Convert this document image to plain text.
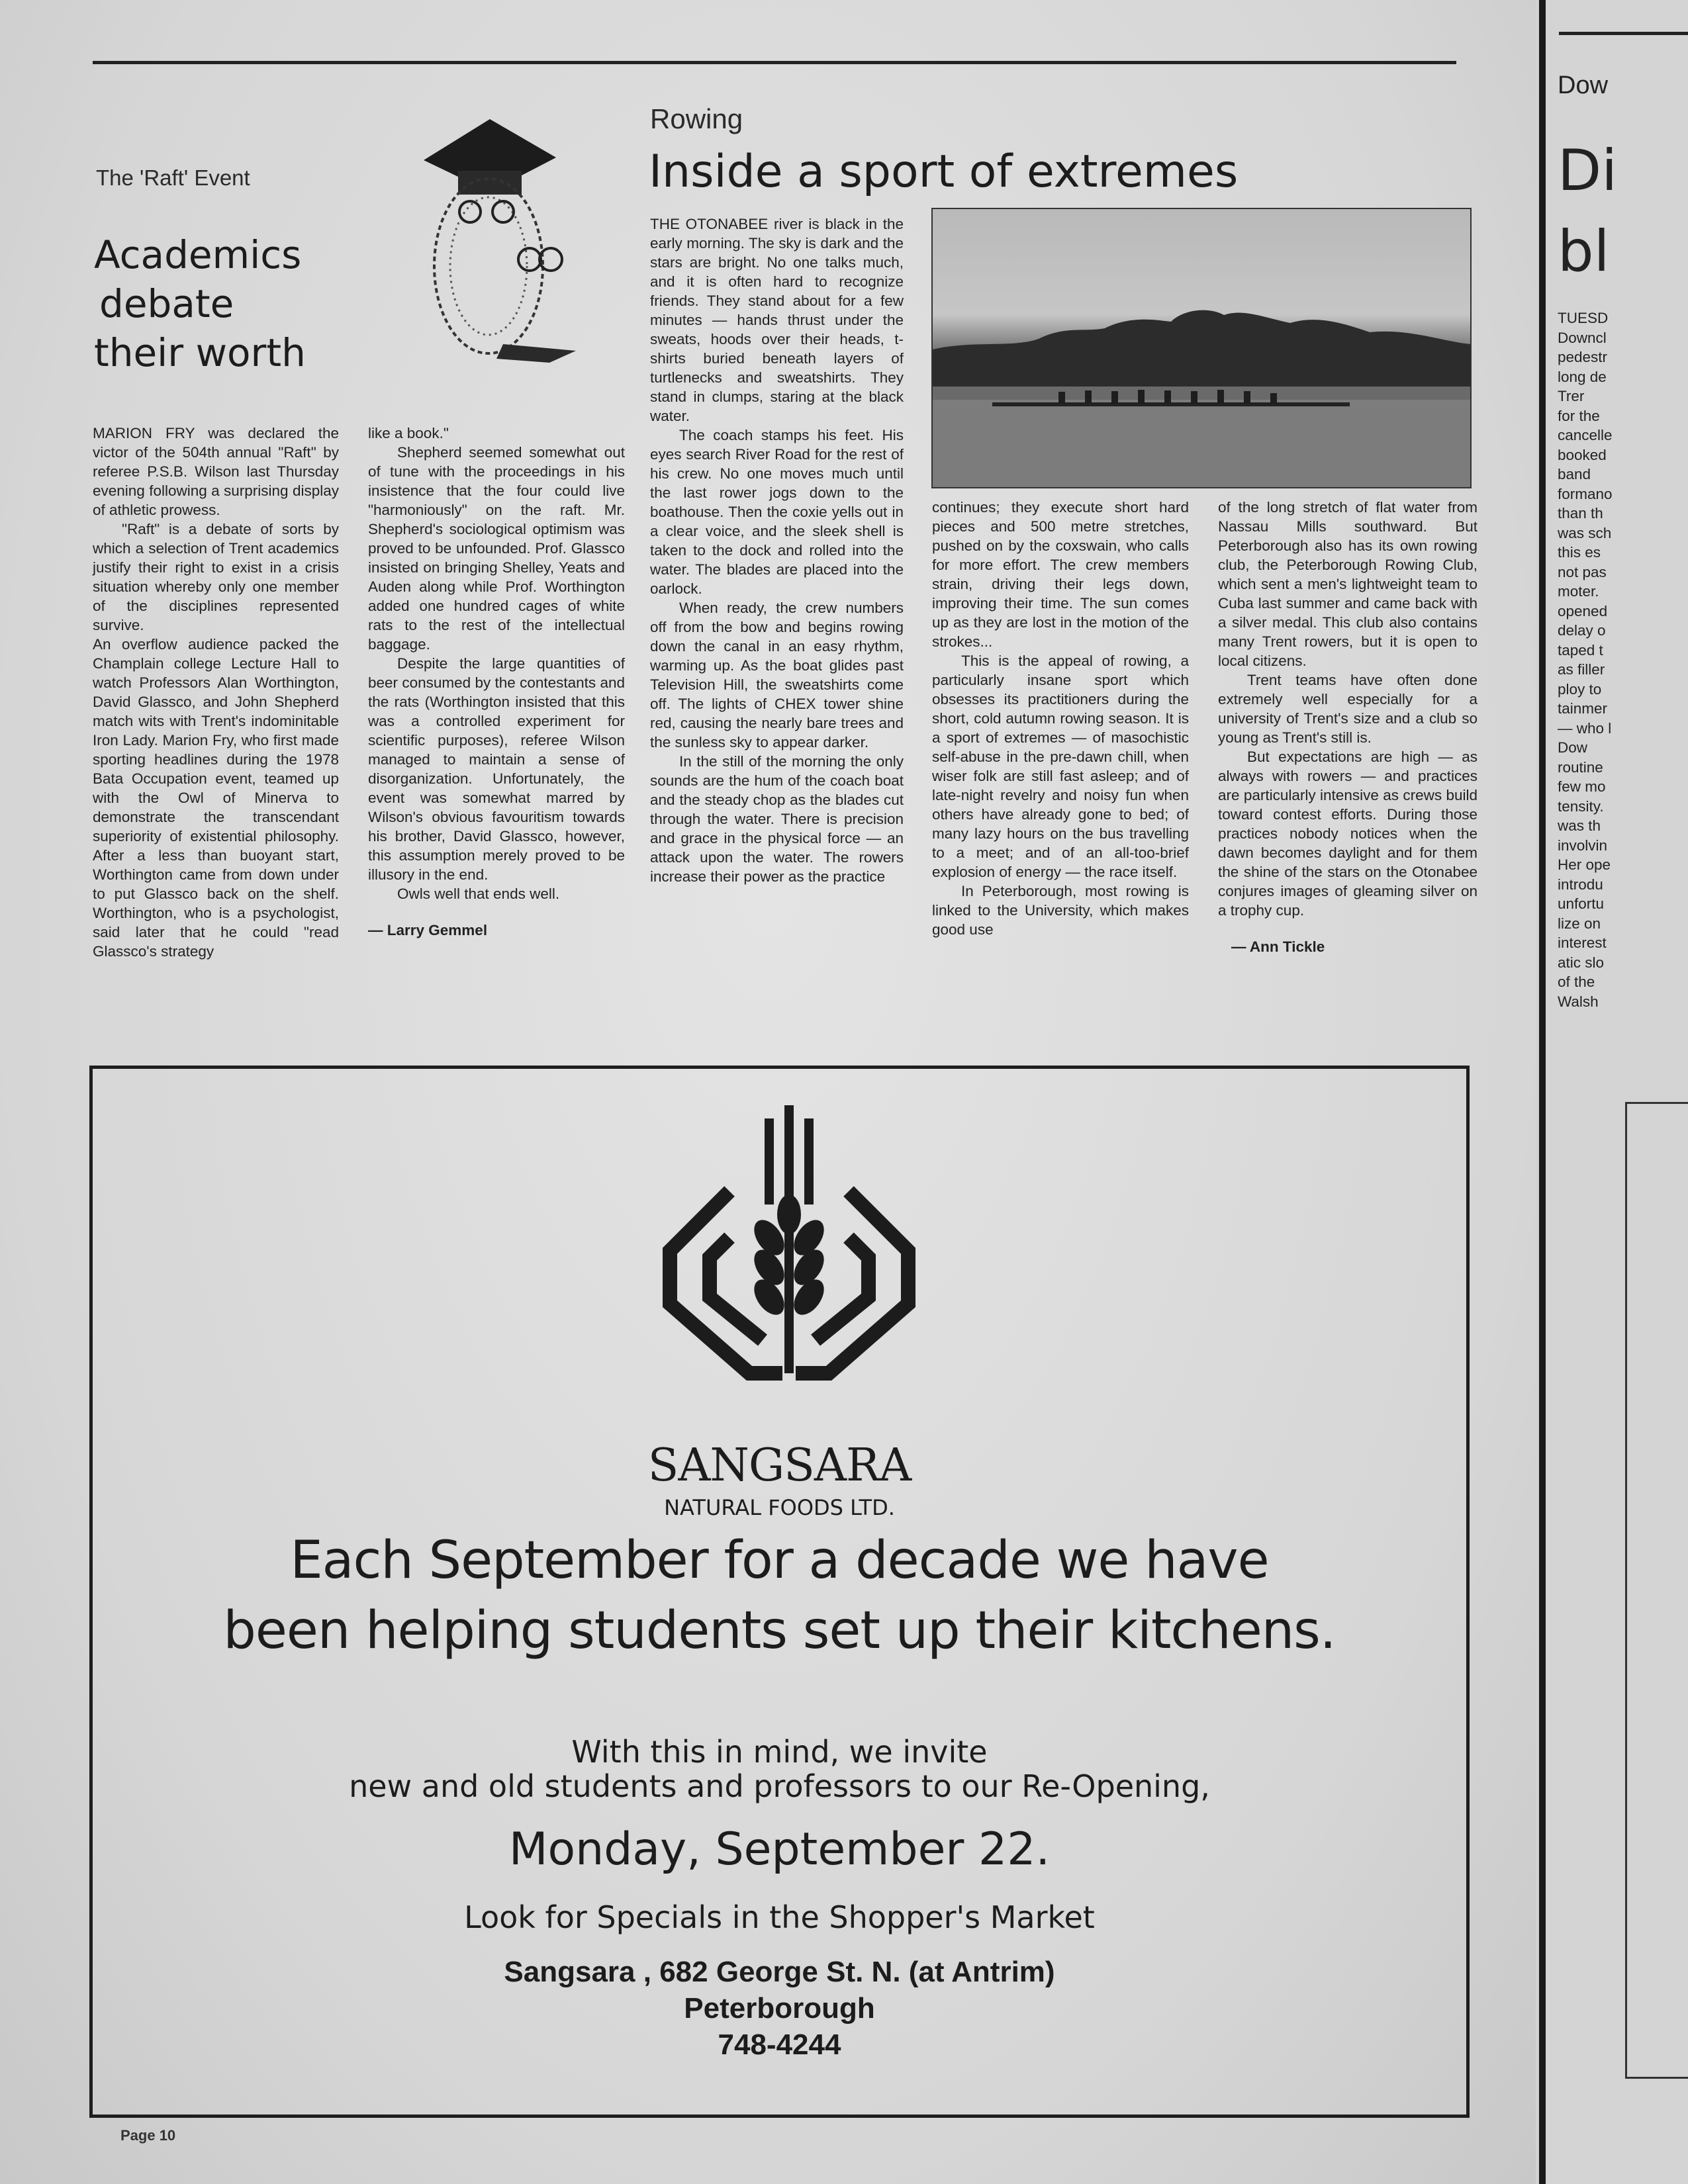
The 'Raft' Event
Academics
debate
their worth

MARION FRY was declared the victor of the 504th annual "Raft" by referee P.S.B. Wilson last Thursday evening following a surprising display of athletic prowess.

"Raft" is a debate of sorts by which a selection of Trent academics justify their right to exist in a crisis situation whereby only one member of the disciplines represented survive.

An overflow audience packed the Champlain college Lecture Hall to watch Professors Alan Worthington, David Glassco, and John Shepherd match wits with Trent's indominitable Iron Lady. Marion Fry, who first made sporting headlines during the 1978 Bata Occupation event, teamed up with the Owl of Minerva to demonstrate the transcendant superiority of existential philosophy. After a less than buoyant start, Worthington came from down under to put Glassco back on the shelf. Worthington, who is a psychologist, said later that he could "read Glassco's strategy

like a book."

Shepherd seemed somewhat out of tune with the proceedings in his insistence that the four could live "harmoniously" on the raft. Mr. Shepherd's sociological optimism was proved to be unfounded. Prof. Glassco insisted on bringing Shelley, Yeats and Auden along while Prof. Worthington added one hundred cages of white rats to the rest of the intellectual baggage.

Despite the large quantities of beer consumed by the contestants and the rats (Worthington insisted that this was a controlled experiment for scientific purposes), referee Wilson managed to maintain a sense of disorganization. Unfortunately, the event was somewhat marred by Wilson's obvious favouritism towards his brother, David Glassco, however, this assumption merely proved to be illusory in the end.

Owls well that ends well.

— Larry Gemmel

Rowing
Inside a sport of extremes

THE OTONABEE river is black in the early morning. The sky is dark and the stars are bright. No one talks much, and it is often hard to recognize friends. They stand about for a few minutes — hands thrust under the sweats, hoods over their heads, t-shirts buried beneath layers of turtlenecks and sweatshirts. They stand in clumps, staring at the black water.

The coach stamps his feet. His eyes search River Road for the rest of his crew. No one moves much until the last rower jogs down to the boathouse. Then the coxie yells out in a clear voice, and the sleek shell is taken to the dock and rolled into the water. The blades are placed into the oarlock.

When ready, the crew numbers off from the bow and begins rowing down the canal in an easy rhythm, warming up. As the boat glides past Television Hill, the sweatshirts come off. The lights of CHEX tower shine red, causing the nearly bare trees and the sunless sky to appear darker.

In the still of the morning the only sounds are the hum of the coach boat and the steady chop as the blades cut through the water. There is precision and grace in the physical force — an attack upon the water. The rowers increase their power as the practice

continues; they execute short hard pieces and 500 metre stretches, pushed on by the coxswain, who calls for more effort. The crew members strain, driving their legs down, improving their time. The sun comes up as they are lost in the motion of the strokes...

This is the appeal of rowing, a particularly insane sport which obsesses its practitioners during the short, cold autumn rowing season. It is a sport of extremes — of masochistic self-abuse in the pre-dawn chill, when wiser folk are still fast asleep; and of late-night revelry and noisy fun when others have already gone to bed; of many lazy hours on the bus travelling to a meet; and of an all-too-brief explosion of energy — the race itself.

In Peterborough, most rowing is linked to the University, which makes good use

of the long stretch of flat water from Nassau Mills southward. But Peterborough also has its own rowing club, the Peterborough Rowing Club, which sent a men's lightweight team to Cuba last summer and came back with a silver medal. This club also contains many Trent rowers, but it is open to local citizens.

Trent teams have often done extremely well especially for a university of Trent's size and a club so young as Trent's still is.

But expectations are high — as always with rowers — and practices are particularly intensive as crews build toward contest efforts. During those practices nobody notices when the dawn becomes daylight and for them the shine of the stars on the Otonabee conjures images of gleaming silver on a trophy cup.

— Ann Tickle

SANGSARA
NATURAL FOODS LTD.
Each September for a decade we have
been helping students set up their kitchens.
With this in mind, we invite
new and old students and professors to our Re-Opening,
Monday, September 22.
Look for Specials in the Shopper's Market
Sangsara , 682 George St. N. (at Antrim)
Peterborough
748-4244
Page 10
Dow
Di
bl
TUESD
Downcl
pedestr
long de
Trer
for the
cancelle
booked
band
formano
than th
was sch
this es
not pas
moter.
opened
delay o
taped t
as filler
ploy to
tainmer
— who l
Dow
routine
few mo
tensity.
was th
involvin
Her ope
introdu
unfortu
lize on
interest
atic slo
of the
Walsh
